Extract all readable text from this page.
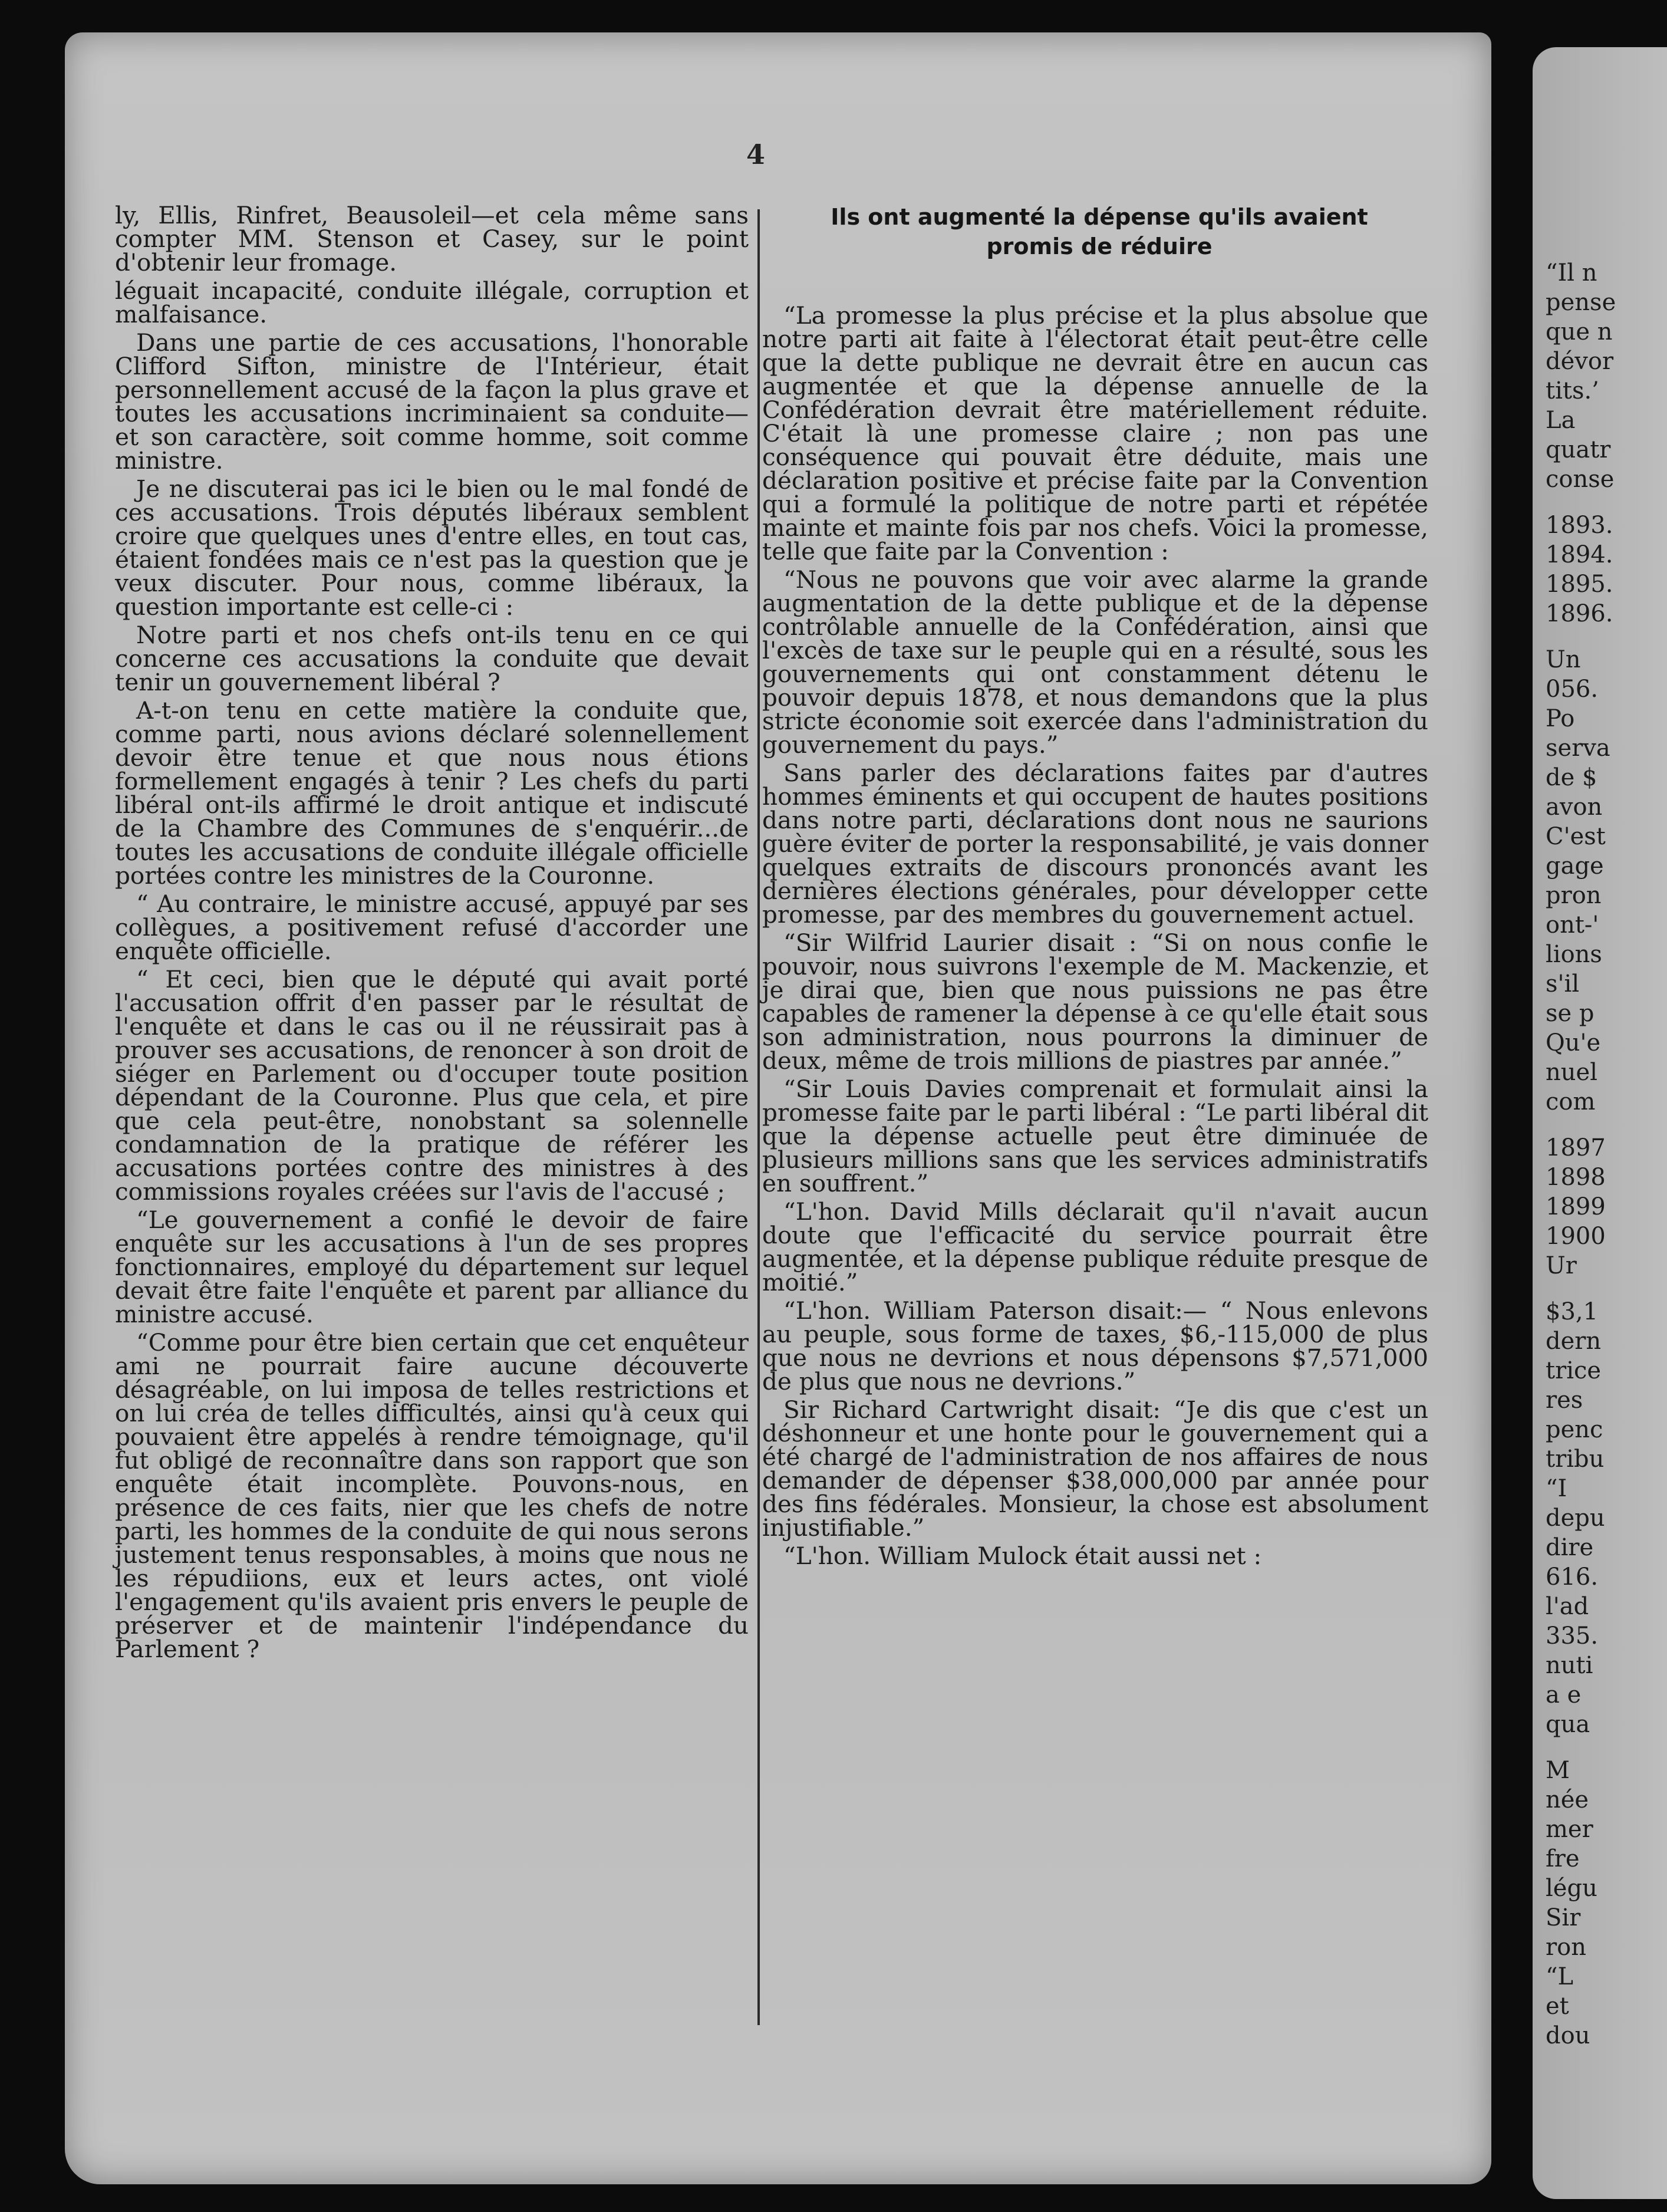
4

ly, Ellis, Rinfret, Beausoleil—et cela même sans compter MM. Stenson et Casey, sur le point d'obtenir leur fromage.

léguait incapacité, conduite illégale, corruption et malfaisance.

Dans une partie de ces accusations, l'honorable Clifford Sifton, ministre de l'Intérieur, était personnellement accusé de la façon la plus grave et toutes les accusations incriminaient sa conduite— et son caractère, soit comme homme, soit comme ministre.

Je ne discuterai pas ici le bien ou le mal fondé de ces accusations. Trois députés libéraux semblent croire que quelques unes d'entre elles, en tout cas, étaient fondées mais ce n'est pas la question que je veux discuter. Pour nous, comme libéraux, la question importante est celle-ci :

Notre parti et nos chefs ont-ils tenu en ce qui concerne ces accusations la conduite que devait tenir un gouvernement libéral ?

A-t-on tenu en cette matière la conduite que, comme parti, nous avions déclaré solennellement devoir être tenue et que nous nous étions formellement engagés à tenir ? Les chefs du parti libéral ont-ils affirmé le droit antique et indiscuté de la Chambre des Communes de s'enquérir...de toutes les accusations de conduite illégale officielle portées contre les ministres de la Couronne.

“ Au contraire, le ministre accusé, appuyé par ses collègues, a positivement refusé d'accorder une enquête officielle.

“ Et ceci, bien que le député qui avait porté l'accusation offrit d'en passer par le résultat de l'enquête et dans le cas ou il ne réussirait pas à prouver ses accusations, de renoncer à son droit de siéger en Parlement ou d'occuper toute position dépendant de la Couronne. Plus que cela, et pire que cela peut-être, nonobstant sa solennelle condamnation de la pratique de référer les accusations portées contre des ministres à des commissions royales créées sur l'avis de l'accusé ;

“Le gouvernement a confié le devoir de faire enquête sur les accusations à l'un de ses propres fonctionnaires, employé du département sur lequel devait être faite l'enquête et parent par alliance du ministre accusé.

“Comme pour être bien certain que cet enquêteur ami ne pourrait faire aucune découverte désagréable, on lui imposa de telles restrictions et on lui créa de telles difficultés, ainsi qu'à ceux qui pouvaient être appelés à rendre témoignage, qu'il fut obligé de reconnaître dans son rapport que son enquête était incomplète. Pouvons-nous, en présence de ces faits, nier que les chefs de notre parti, les hommes de la conduite de qui nous serons justement tenus responsables, à moins que nous ne les répudiions, eux et leurs actes, ont violé l'engagement qu'ils avaient pris envers le peuple de préserver et de maintenir l'indépendance du Parlement ?

Ils ont augmenté la dépense qu'ils avaient
promis de réduire

“La promesse la plus précise et la plus absolue que notre parti ait faite à l'électorat était peut-être celle que la dette publique ne devrait être en aucun cas augmentée et que la dépense annuelle de la Confédération devrait être matériellement réduite. C'était là une promesse claire ; non pas une conséquence qui pouvait être déduite, mais une déclaration positive et précise faite par la Convention qui a formulé la politique de notre parti et répétée mainte et mainte fois par nos chefs. Voici la promesse, telle que faite par la Convention :

“Nous ne pouvons que voir avec alarme la grande augmentation de la dette publique et de la dépense contrôlable annuelle de la Confédération, ainsi que l'excès de taxe sur le peuple qui en a résulté, sous les gouvernements qui ont constamment détenu le pouvoir depuis 1878, et nous demandons que la plus stricte économie soit exercée dans l'administration du gouvernement du pays.”

Sans parler des déclarations faites par d'autres hommes éminents et qui occupent de hautes positions dans notre parti, déclarations dont nous ne saurions guère éviter de porter la responsabilité, je vais donner quelques extraits de discours prononcés avant les dernières élections générales, pour développer cette promesse, par des membres du gouvernement actuel.

“Sir Wilfrid Laurier disait : “Si on nous confie le pouvoir, nous suivrons l'exemple de M. Mackenzie, et je dirai que, bien que nous puissions ne pas être capables de ramener la dépense à ce qu'elle était sous son administration, nous pourrons la diminuer de deux, même de trois millions de piastres par année.”

“Sir Louis Davies comprenait et formulait ainsi la promesse faite par le parti libéral : “Le parti libéral dit que la dépense actuelle peut être diminuée de plusieurs millions sans que les services administratifs en souffrent.”

“L'hon. David Mills déclarait qu'il n'avait aucun doute que l'efficacité du service pourrait être augmentée, et la dépense publique réduite presque de moitié.”

“L'hon. William Paterson disait:— “ Nous enlevons au peuple, sous forme de taxes, $6,-115,000 de plus que nous ne devrions et nous dépensons $7,571,000 de plus que nous ne devrions.”

Sir Richard Cartwright disait: “Je dis que c'est un déshonneur et une honte pour le gouvernement qui a été chargé de l'administration de nos affaires de nous demander de dépenser $38,000,000 par année pour des fins fédérales. Monsieur, la chose est absolument injustifiable.”

“L'hon. William Mulock était aussi net :

“Il n
pense
que n
dévor
tits.’
La
quatr
conse
1893.
1894.
1895.
1896.
Un
056.
Po
serva
de $
avon
C'est
gage
pron
ont-'
lions
s'il
se p
Qu'e
nuel
com
1897
1898
1899
1900
Ur
$3,1
dern
trice
res
penc
tribu
“I
depu
dire
616.
l'ad
335.
nuti
a e
qua
M
née
mer
fre
légu
Sir
ron
“L
et
dou
